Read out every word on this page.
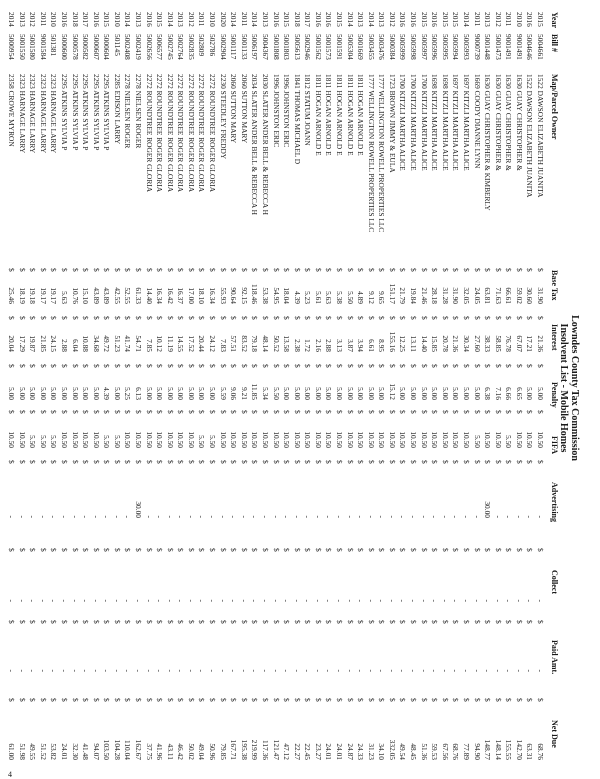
Lowndes County Tax Commission
Insolvent List - Mobile Homes
Year
Bill #
Map/Parcel Owner
Base Tax
Interest
Penalty
FIFA
Advertising
Collect
Paid Amt.
Net Due
2015
5004661
1522 DAWSON ELIZABETH JUANITA
$
31.90
$
21.36
$
5.00
$
10.50
$
-
$
-
$
-
$
68.76
2016
5004646
1522 DAWSON ELIZABETH JUANITA
$
30.60
$
17.21
$
5.00
$
10.50
$
-
$
-
$
-
$
63.31
2010
9001491
1630 GUAY CHRISTOPHER &
$
59.02
$
67.07
$
6.65
$
10.50
$
-
$
-
$
-
$
142.70
2011
9001491
1630 GUAY CHRISTOPHER &
$
66.61
$
76.78
$
6.66
$
5.50
$
-
$
-
$
-
$
155.55
2012
5001473
1630 GUAY CHRISTOPHER &
$
71.63
$
58.85
$
7.16
$
10.50
$
-
$
-
$
-
$
148.14
2013
5001448
1630 GUAY CHRISTOPHER & KIMBERLY
$
63.81
$
38.33
$
6.38
$
10.50
$
30.00
$
-
$
-
$
148.77
2011
9000739
1669 COODY DIANNE LYNN
$
24.05
$
27.60
$
5.00
$
5.50
$
-
$
-
$
-
$
94.90
2014
5005993
1697 KITZLI MARTHA ALICE
$
32.05
$
30.34
$
5.00
$
10.50
$
-
$
-
$
-
$
77.89
2015
5005994
1697 KITZLI MARTHA ALICE
$
31.90
$
21.36
$
5.00
$
10.50
$
-
$
-
$
-
$
68.76
2015
5005995
1698 KITZLI MARTHA ALICE
$
31.28
$
20.78
$
5.00
$
10.50
$
-
$
-
$
-
$
67.56
2016
5005996
1698 KITZLI MARTHA ALICE
$
28.18
$
15.85
$
5.00
$
10.50
$
-
$
-
$
-
$
59.53
2015
5005997
1700 KITZLI MARTHA ALICE
$
21.46
$
14.40
$
5.00
$
10.50
$
-
$
-
$
-
$
51.36
2016
5005998
1700 KITZLI MARTHA ALICE
$
19.84
$
13.11
$
5.00
$
10.50
$
-
$
-
$
-
$
48.45
2016
5005999
1700 KITZLI MARTHA ALICE
$
21.79
$
12.25
$
5.00
$
10.50
$
-
$
-
$
-
$
49.54
2012
5000384
1723 BROWN JIMMY & EULA
$
151.17
$
155.16
$
15.12
$
10.50
$
-
$
-
$
-
$
332.05
2013
5003476
1777 WELLINGTON ROWELL PROPERTIES LLC
$
9.65
$
8.95
$
5.00
$
10.50
$
-
$
-
$
-
$
34.10
2014
5003455
1777 WELLINGTON ROWELL PROPERTIES LLC
$
9.12
$
6.61
$
5.00
$
10.50
$
-
$
-
$
-
$
31.23
2013
5001669
1811 HOGAN ARNOLD E
$
4.89
$
3.94
$
5.00
$
10.50
$
-
$
-
$
-
$
24.33
2014
5005304
1811 HOGAN ARNOLD E
$
5.50
$
3.87
$
5.00
$
10.50
$
-
$
-
$
-
$
24.87
2015
5001591
1811 HOGAN ARNOLD E
$
5.38
$
3.13
$
5.00
$
10.50
$
-
$
-
$
-
$
24.01
2016
5001573
1811 HOGAN ARNOLD E
$
5.63
$
2.88
$
5.00
$
10.50
$
-
$
-
$
-
$
24.01
2016
5001562
1811 HOGAN ARNOLD E
$
5.61
$
2.16
$
5.00
$
10.50
$
-
$
-
$
-
$
23.27
2017
5002946
1812 STATUM JOANN
$
5.23
$
1.72
$
5.00
$
10.50
$
-
$
-
$
-
$
22.45
2018
5005613
1841 THOMAS MICHAEL D
$
4.39
$
2.38
$
5.00
$
10.50
$
-
$
-
$
-
$
22.27
2015
5001803
1996 JOHNSTON ERIC
$
18.04
$
13.58
$
5.00
$
10.50
$
-
$
-
$
-
$
47.12
2016
5001808
1996 JOHNSTON ERIC
$
54.95
$
50.52
$
5.50
$
10.50
$
-
$
-
$
-
$
121.47
2013
5004367
2030 SLATER ANDER BELL & REBECCA H
$
53.38
$
48.14
$
5.34
$
10.50
$
-
$
-
$
-
$
117.36
2014
5006197
2034 SLATER ANDER BELL & REBECCA H
$
118.46
$
79.18
$
11.85
$
10.50
$
-
$
-
$
-
$
219.99
2011
5001133
2060 SUTTON MARY
$
92.15
$
83.52
$
9.21
$
10.50
$
-
$
-
$
-
$
195.38
2014
5001117
2060 SUTTON MARY
$
90.64
$
57.51
$
9.06
$
10.50
$
-
$
-
$
-
$
167.71
2020
5002904
2230 STEEDLEY FREDDY
$
55.93
$
7.83
$
5.59
$
10.50
$
-
$
-
$
-
$
79.85
2010
502786
2272 ROUNDTREE ROGER GLORIA
$
16.34
$
24.12
$
5.00
$
5.50
$
-
$
-
$
-
$
50.96
2011
502809
2272 ROUNDTREE ROGER GLORIA
$
18.10
$
20.44
$
5.00
$
5.50
$
-
$
-
$
-
$
49.04
2012
5002835
2272 ROUNDTREE ROGER GLORIA
$
17.00
$
17.52
$
5.00
$
10.50
$
-
$
-
$
-
$
50.02
2013
5002764
2272 ROUNDTREE ROGER GLORIA
$
16.37
$
14.55
$
5.00
$
10.50
$
-
$
-
$
-
$
46.42
2014
5002745
2272 ROUNDTREE ROGER GLORIA
$
16.42
$
11.19
$
5.00
$
10.50
$
-
$
-
$
-
$
43.11
2015
5006577
2272 ROUNDTREE ROGER GLORIA
$
16.34
$
10.12
$
5.00
$
10.50
$
-
$
-
$
-
$
41.96
2016
5002656
2272 ROUNDTREE ROGER GLORIA
$
14.40
$
7.85
$
5.00
$
10.50
$
-
$
-
$
-
$
37.75
2013
5002419
2278 NIELSEN ROGER
$
61.33
$
54.71
$
6.13
$
10.50
$
30.00
$
-
$
-
$
162.67
2014
5002408
2278 NIELSEN ROGER
$
52.55
$
41.74
$
5.25
$
10.50
$
-
$
-
$
-
$
110.04
2010
501145
2285 EDISON LARRY
$
42.55
$
51.23
$
5.00
$
5.50
$
-
$
-
$
-
$
104.28
2015
5000604
2295 ATKINS SYLVIA P
$
43.89
$
49.72
$
4.39
$
5.50
$
-
$
-
$
-
$
103.50
2016
5000607
2295 ATKINS SYLVIA P
$
43.89
$
34.68
$
5.00
$
10.50
$
-
$
-
$
-
$
94.07
2017
5000582
2295 ATKINS SYLVIA P
$
15.10
$
10.88
$
5.00
$
10.50
$
-
$
-
$
-
$
41.48
2018
5000578
2295 ATKINS SYLVIA P
$
10.76
$
6.04
$
5.00
$
10.50
$
-
$
-
$
-
$
32.30
2016
5000600
2295 ATKINS SYLVIA P
$
5.63
$
2.88
$
5.00
$
10.50
$
-
$
-
$
-
$
24.01
2010
501381
2323 HARNAGE LARRY
$
19.17
$
24.15
$
5.00
$
5.50
$
-
$
-
$
-
$
53.82
2011
9001584
2323 HARNAGE LARRY
$
19.17
$
21.85
$
5.00
$
5.50
$
-
$
-
$
-
$
51.52
2012
5001580
2323 HARNAGE LARRY
$
19.18
$
19.87
$
5.00
$
5.50
$
-
$
-
$
-
$
49.55
2013
5001550
2323 HARNAGE LARRY
$
18.19
$
17.29
$
5.00
$
10.50
$
-
$
-
$
-
$
51.98
2014
5000954
2358 CROWE MYRON
$
25.46
$
20.04
$
5.00
$
10.50
$
-
$
-
$
-
$
61.00
4
